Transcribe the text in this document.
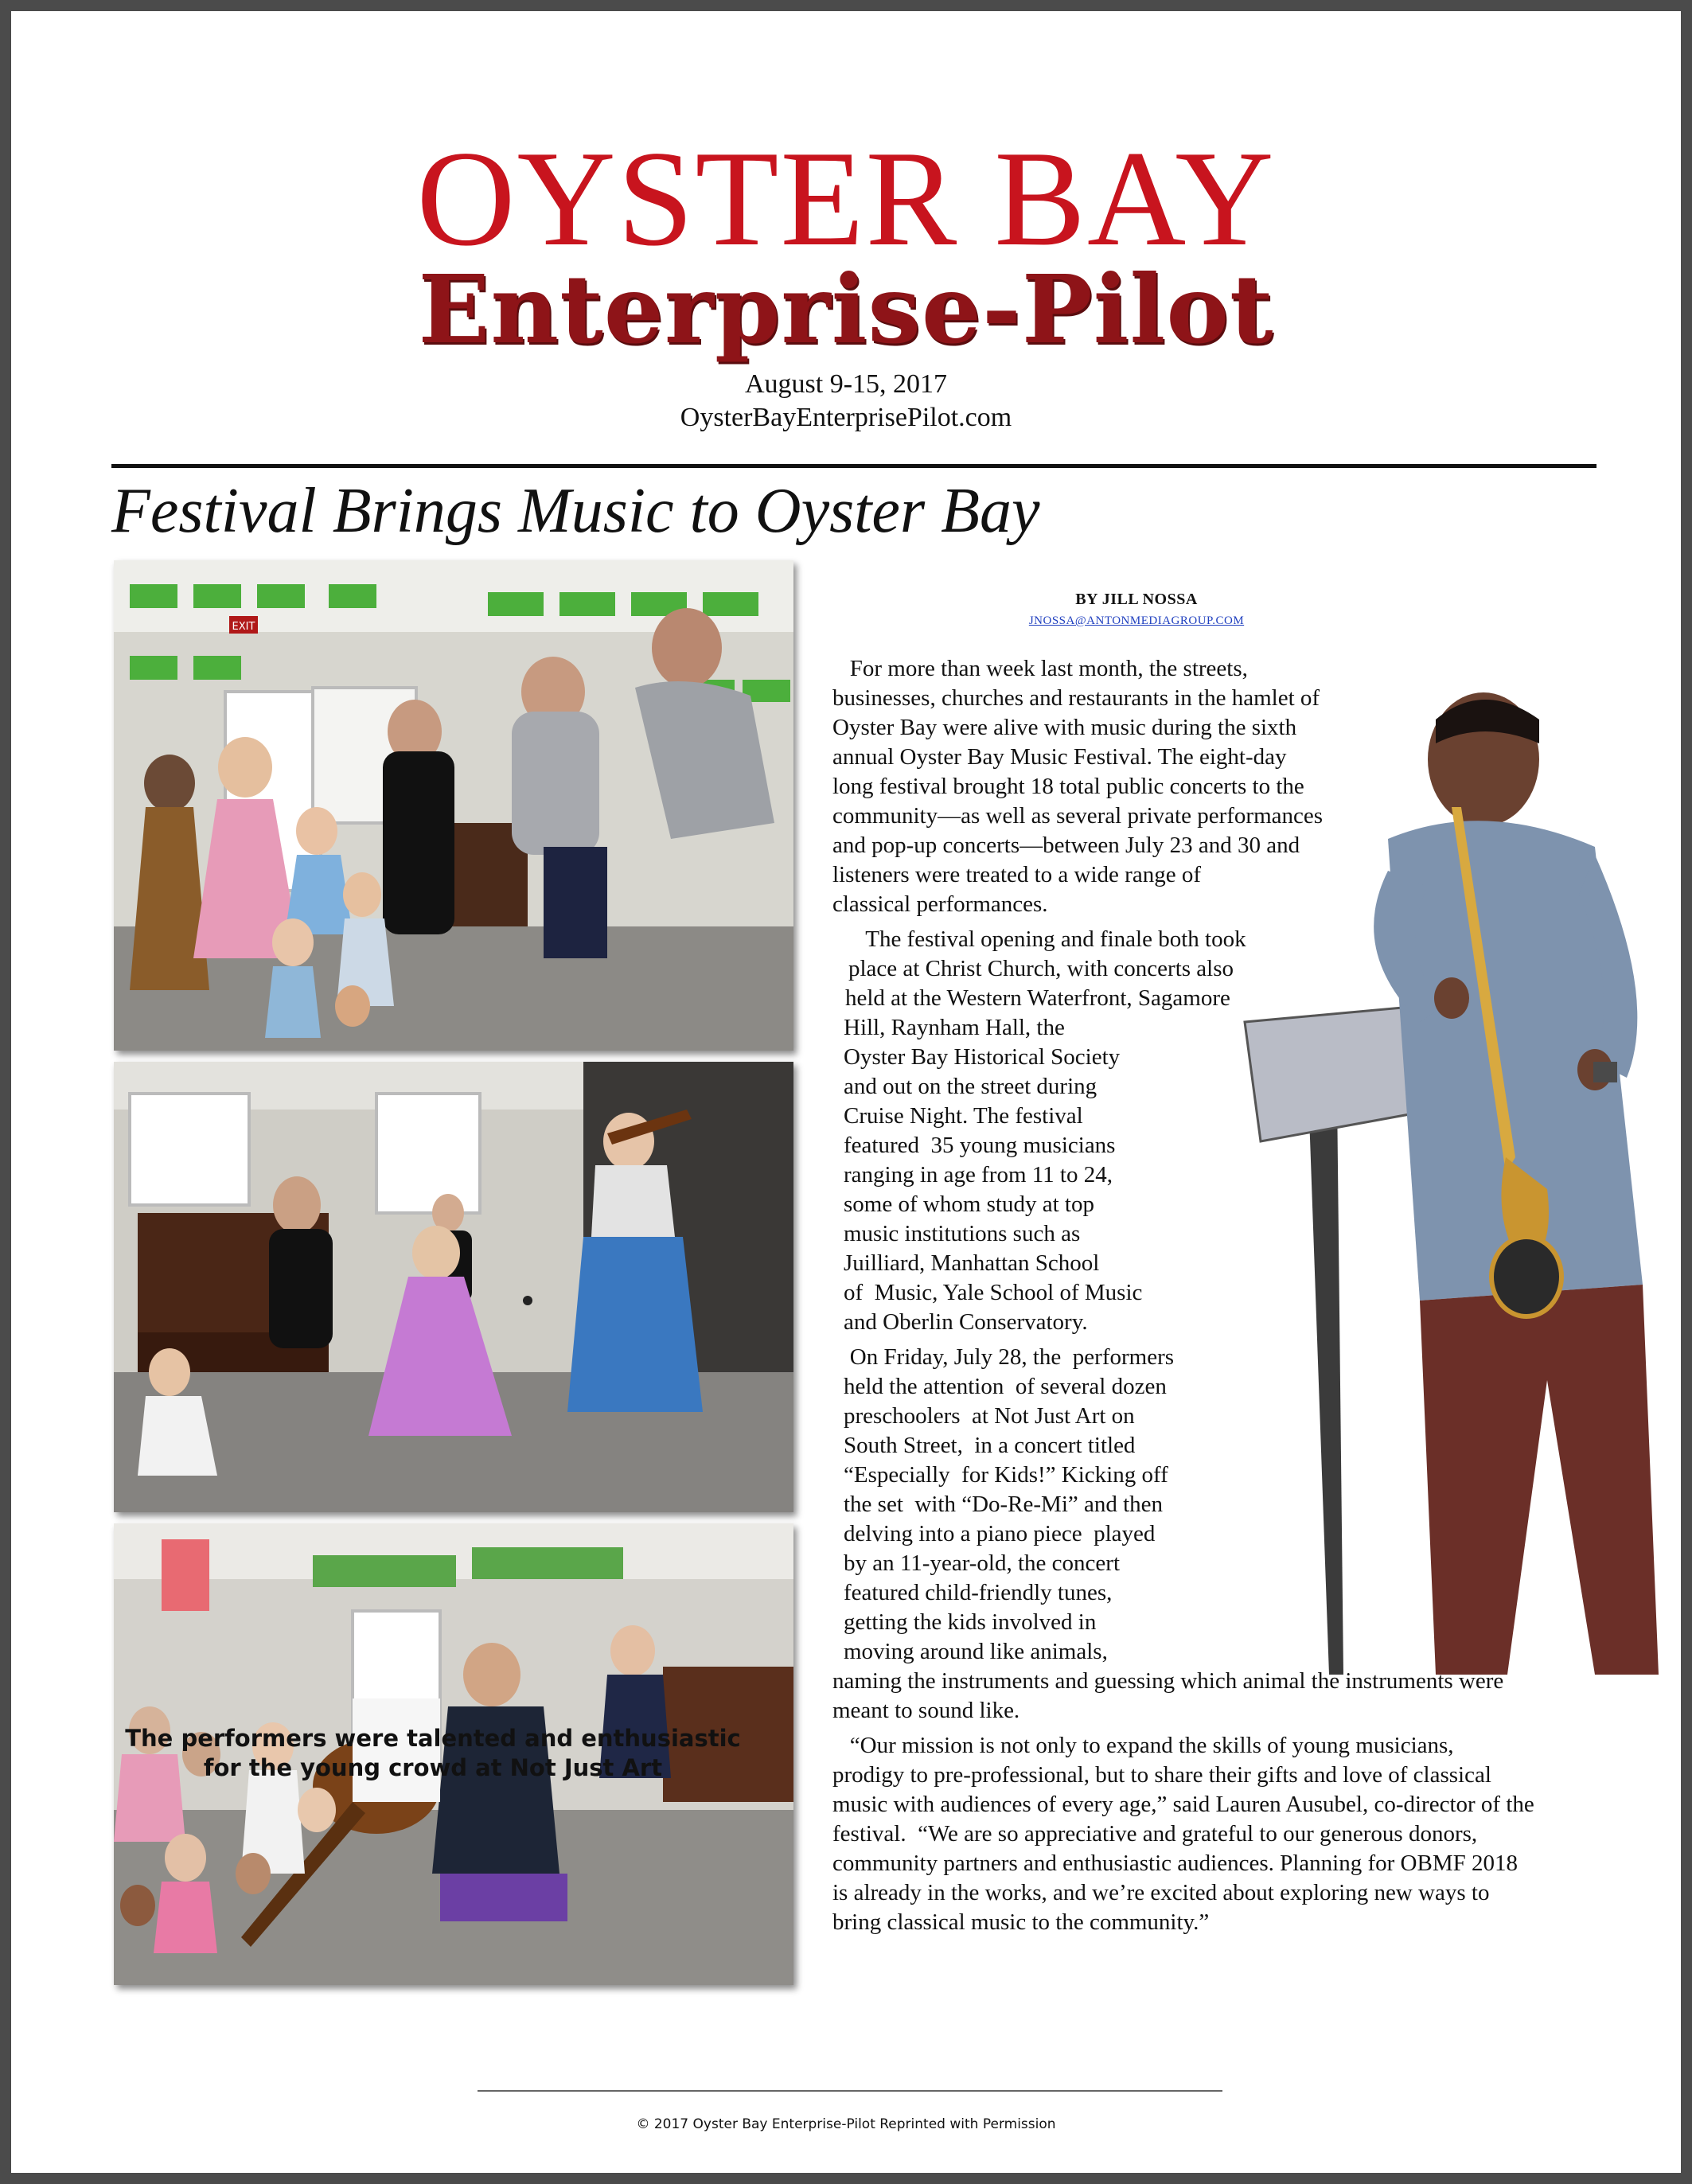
OYSTER BAY
Enterprise-Pilot
August 9-15, 2017
OysterBayEnterprisePilot.com
Festival Brings Music to Oyster Bay
EXIT
The performers were talented and enthusiastic
for the young crowd at Not Just Art
BY JILL NOSSA
JNOSSA@ANTONMEDIAGROUP.COM
For more than week last month, the streets,
businesses, churches and restaurants in the hamlet of
Oyster Bay were alive with music during the sixth
annual Oyster Bay Music Festival. The eight-day
long festival brought 18 total public concerts to the
community—as well as several private performances
and pop-up concerts—between July 23 and 30 and
listeners were treated to a wide range of
classical performances.
The festival opening and finale both took
place at Christ Church, with concerts also
held at the Western Waterfront, Sagamore
Hill, Raynham Hall, the
Oyster Bay Historical Society
and out on the street during
Cruise Night. The festival
featured  35 young musicians
ranging in age from 11 to 24,
some of whom study at top
music institutions such as
Juilliard, Manhattan School
of  Music, Yale School of Music
and Oberlin Conservatory.
On Friday, July 28, the  performers
held the attention  of several dozen
preschoolers  at Not Just Art on
South Street,  in a concert titled
“Especially  for Kids!” Kicking off
the set  with “Do-Re-Mi” and then
delving into a piano piece  played
by an 11-year-old, the concert
featured child-friendly tunes,
getting the kids involved in
moving around like animals,
naming the instruments and guessing which animal the instruments were
meant to sound like.
“Our mission is not only to expand the skills of young musicians,
prodigy to pre-professional, but to share their gifts and love of classical
music with audiences of every age,” said Lauren Ausubel, co-director of the
festival.  “We are so appreciative and grateful to our generous donors,
community partners and enthusiastic audiences. Planning for OBMF 2018
is already in the works, and we’re excited about exploring new ways to
bring classical music to the community.”
© 2017 Oyster Bay Enterprise-Pilot Reprinted with Permission
